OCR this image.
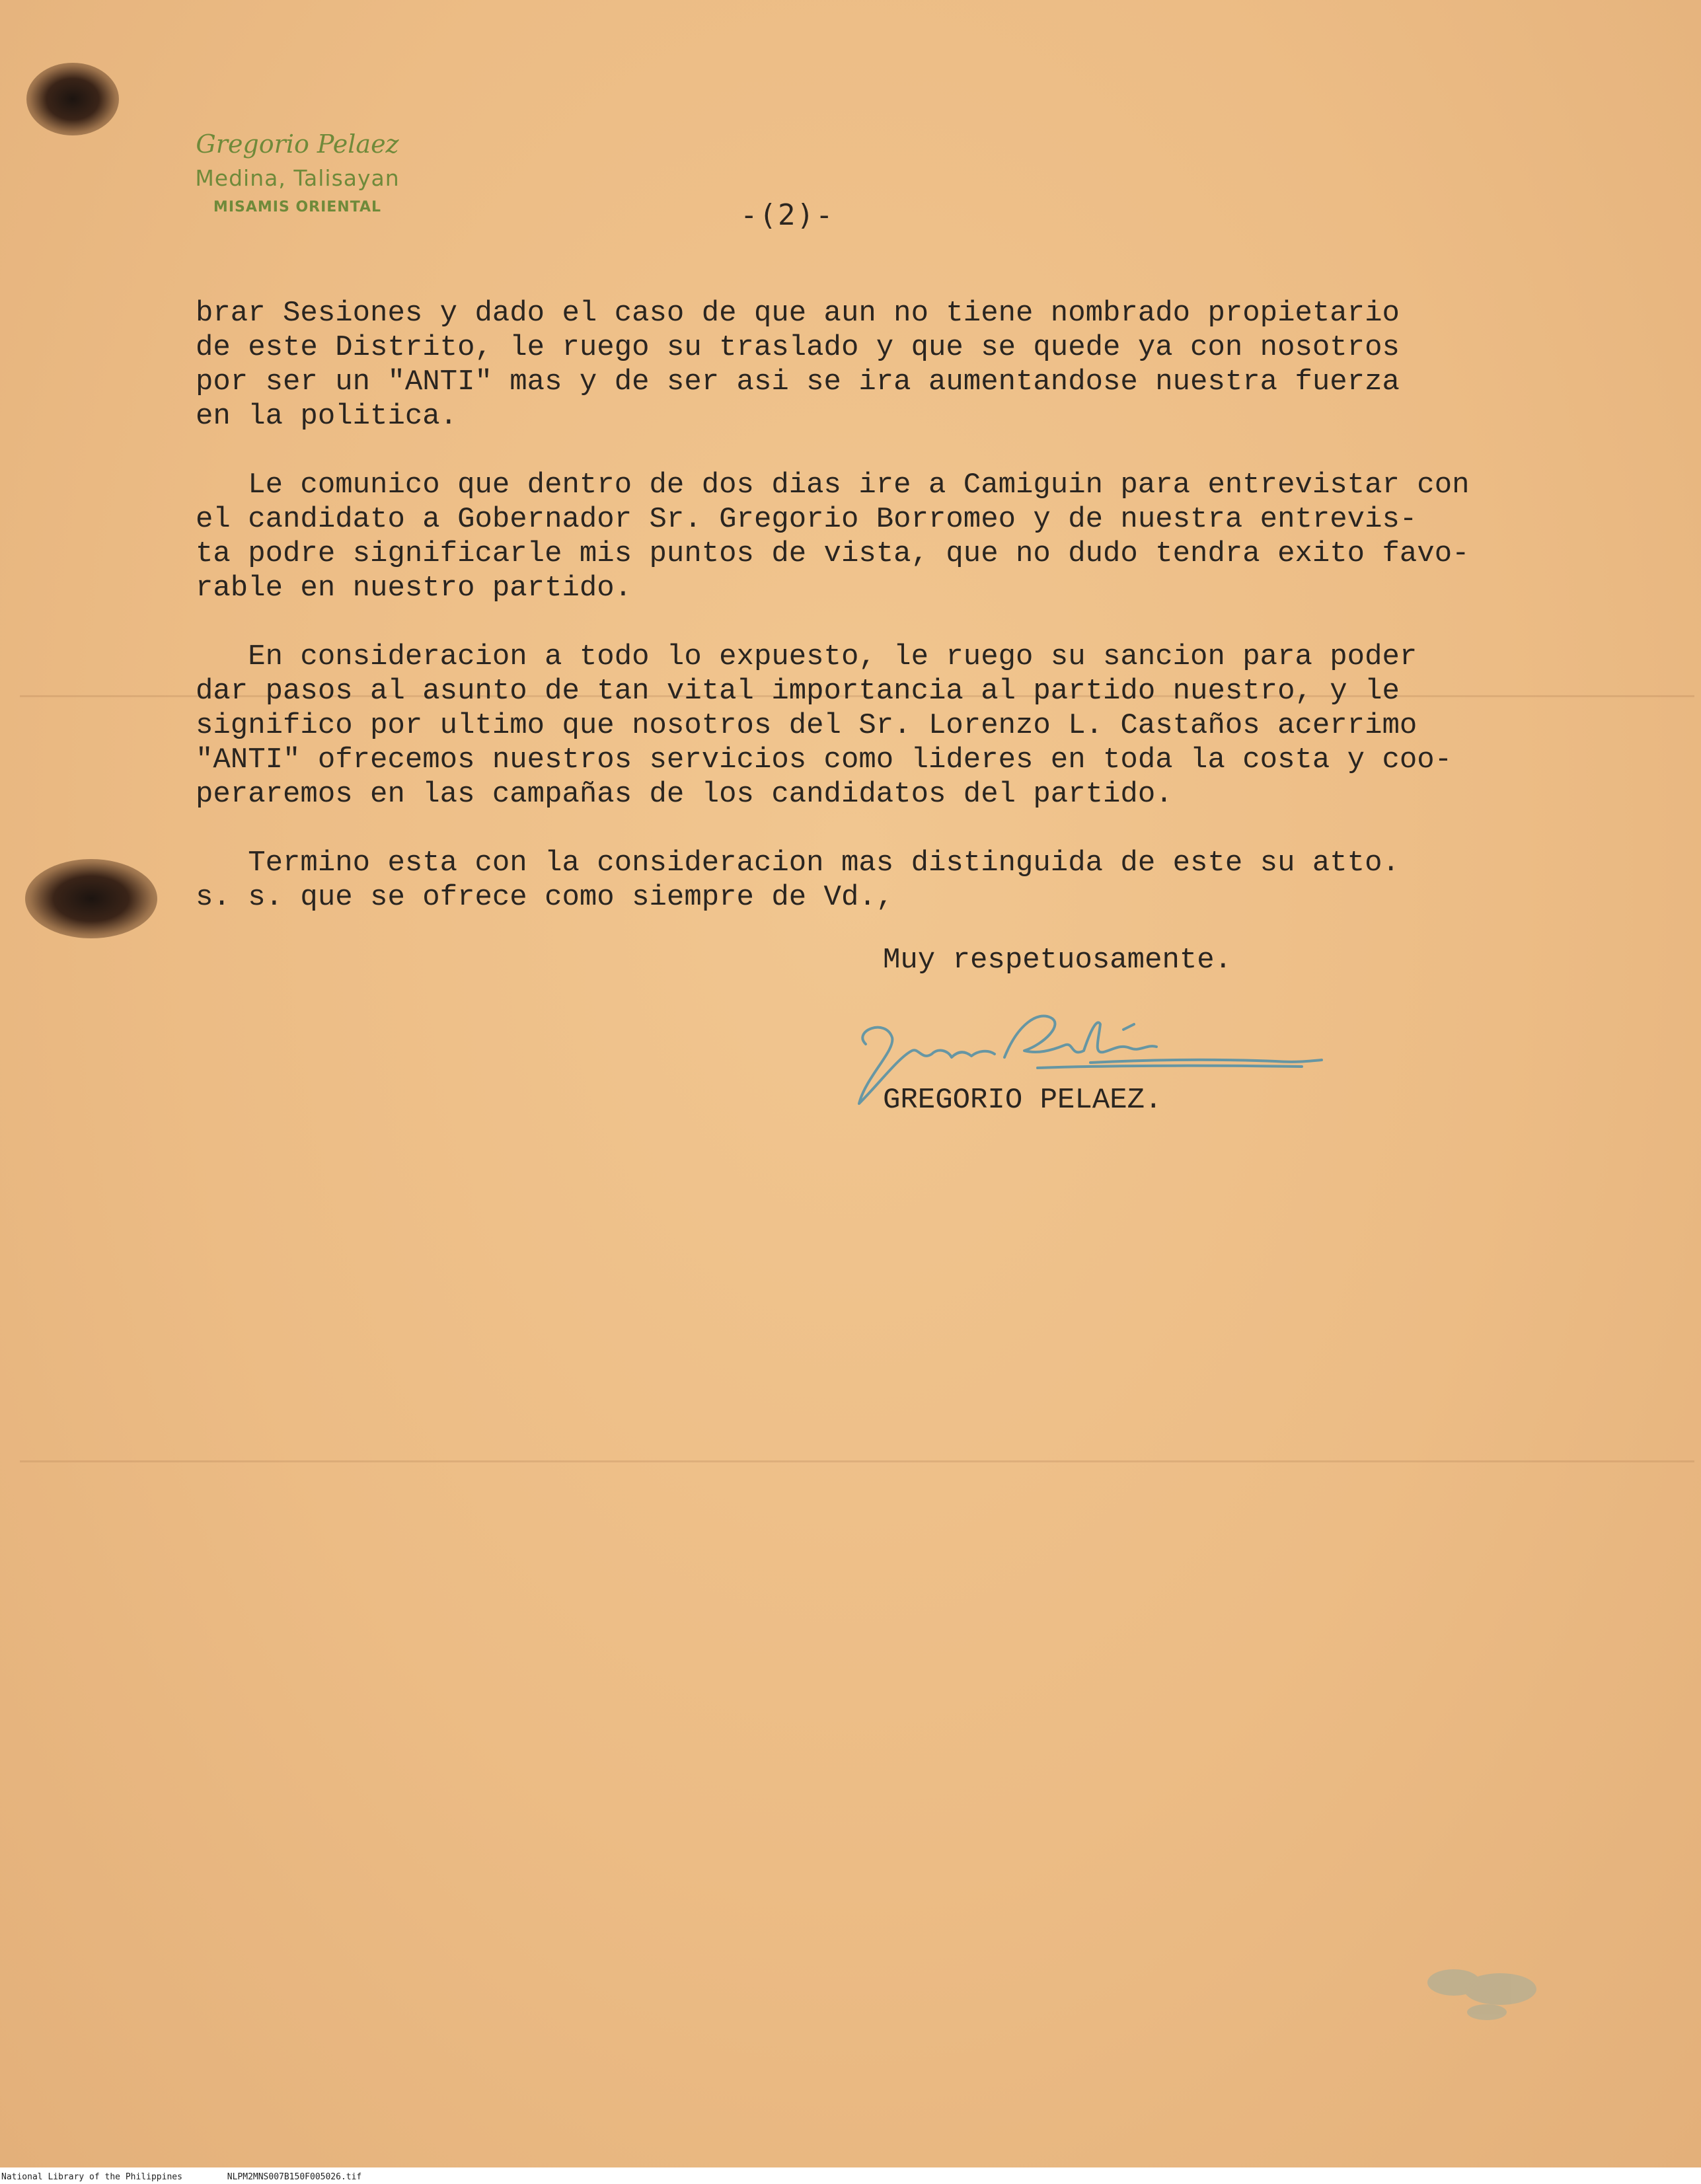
Gregorio Pelaez
Medina, Talisayan
MISAMIS ORIENTAL	-(2)-
brar Sesiones y dado el caso de que aun no tiene nombrado propietario
de este Distrito, le ruego su traslado y que se quede ya con nosotros
por ser un "ANTI" mas y de ser asi se ira aumentandose nuestra fuerza
en la politica.
Le comunico que dentro de dos dias ire a Camiguin para entrevistar con
el candidato a Gobernador Sr. Gregorio Borromeo y de nuestra entrevis-
ta podre significarle mis puntos de vista, que no dudo tendra exito favo-
rable en nuestro partido.
En consideracion a todo lo expuesto, le ruego su sancion para poder
dar pasos al asunto de tan vital importancia al partido nuestro, y le
significo por ultimo que nosotros del Sr. Lorenzo L. Castaños acerrimo
"ANTI" ofrecemos nuestros servicios como lideres en toda la costa y coo-
peraremos en las campañas de los candidatos del partido.
Termino esta con la consideracion mas distinguida de este su atto.
s. s. que se ofrece como siempre de Vd.,
Muy respetuosamente.
GREGORIO PELAEZ.
National Library of the Philippines	NLPM2MNS007B150F005026.tif
